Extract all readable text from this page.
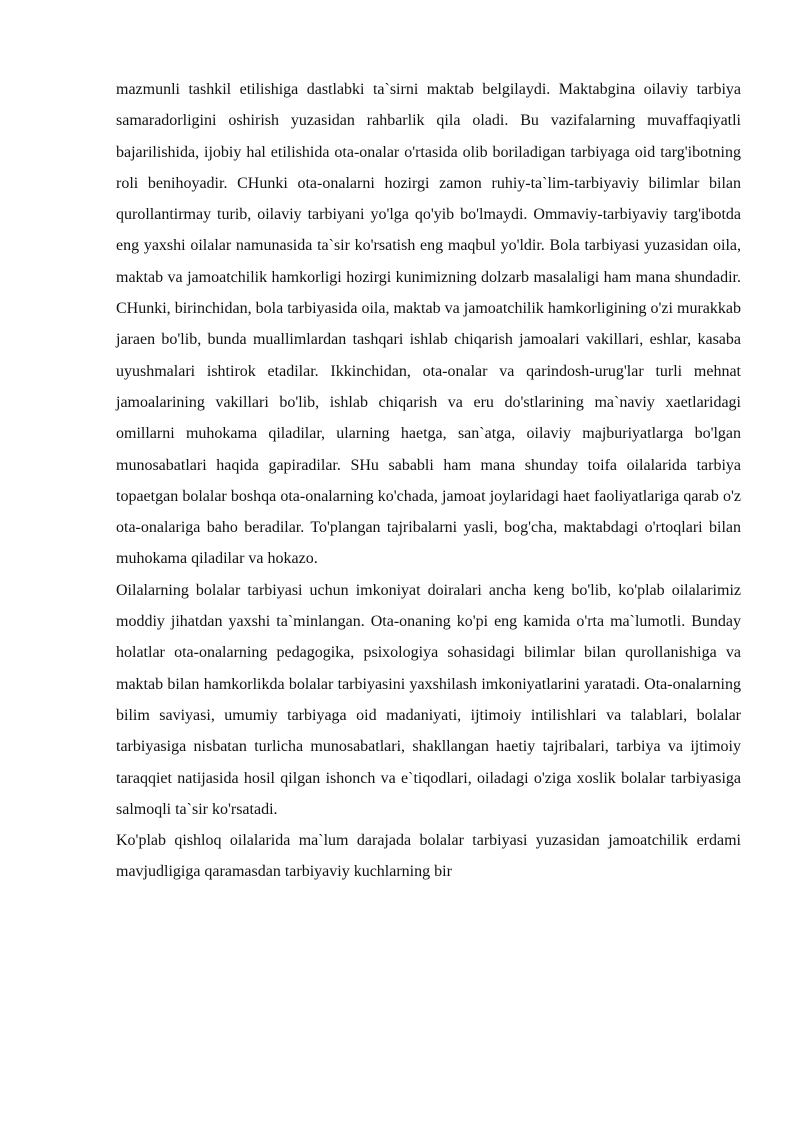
mazmunli tashkil etilishiga dastlabki ta`sirni maktab belgilaydi. Maktabgina oilaviy tarbiya samaradorligini oshirish yuzasidan rahbarlik qila oladi. Bu vazifalarning muvaffaqiyatli bajarilishida, ijobiy hal etilishida ota-onalar o'rtasida olib boriladigan tarbiyaga oid targ'ibotning roli benihoyadir. CHunki ota-onalarni hozirgi zamon ruhiy-ta`lim-tarbiyaviy bilimlar bilan qurollantirmay turib, oilaviy tarbiyani yo'lga qo'yib bo'lmaydi. Ommaviy-tarbiyaviy targ'ibotda eng yaxshi oilalar namunasida ta`sir ko'rsatish eng maqbul yo'ldir. Bola tarbiyasi yuzasidan oila, maktab va jamoatchilik hamkorligi hozirgi kunimizning dolzarb masalaligi ham mana shundadir. CHunki, birinchidan, bola tarbiyasida oila, maktab va jamoatchilik hamkorligining o'zi murakkab jaraen bo'lib, bunda muallimlardan tashqari ishlab chiqarish jamoalari vakillari, eshlar, kasaba uyushmalari ishtirok etadilar. Ikkinchidan, ota-onalar va qarindosh-urug'lar turli mehnat jamoalarining vakillari bo'lib, ishlab chiqarish va eru do'stlarining ma`naviy xaetlaridagi omillarni muhokama qiladilar, ularning haetga, san`atga, oilaviy majburiyatlarga bo'lgan munosabatlari haqida gapiradilar. SHu sababli ham mana shunday toifa oilalarida tarbiya topaetgan bolalar boshqa ota-onalarning ko'chada, jamoat joylaridagi haet faoliyatlariga qarab o'z ota-onalariga baho beradilar. To'plangan tajribalarni yasli, bog'cha, maktabdagi o'rtoqlari bilan muhokama qiladilar va hokazo.

Oilalarning bolalar tarbiyasi uchun imkoniyat doiralari ancha keng bo'lib, ko'plab oilalarimiz moddiy jihatdan yaxshi ta`minlangan. Ota-onaning ko'pi eng kamida o'rta ma`lumotli. Bunday holatlar ota-onalarning pedagogika, psixologiya sohasidagi bilimlar bilan qurollanishiga va maktab bilan hamkorlikda bolalar tarbiyasini yaxshilash imkoniyatlarini yaratadi. Ota-onalarning bilim saviyasi, umumiy tarbiyaga oid madaniyati, ijtimoiy intilishlari va talablari, bolalar tarbiyasiga nisbatan turlicha munosabatlari, shakllangan haetiy tajribalari, tarbiya va ijtimoiy taraqqiet natijasida hosil qilgan ishonch va e`tiqodlari, oiladagi o'ziga xoslik bolalar tarbiyasiga salmoqli ta`sir ko'rsatadi.

Ko'plab qishloq oilalarida ma`lum darajada bolalar tarbiyasi yuzasidan jamoatchilik erdami mavjudligiga qaramasdan tarbiyaviy kuchlarning bir
